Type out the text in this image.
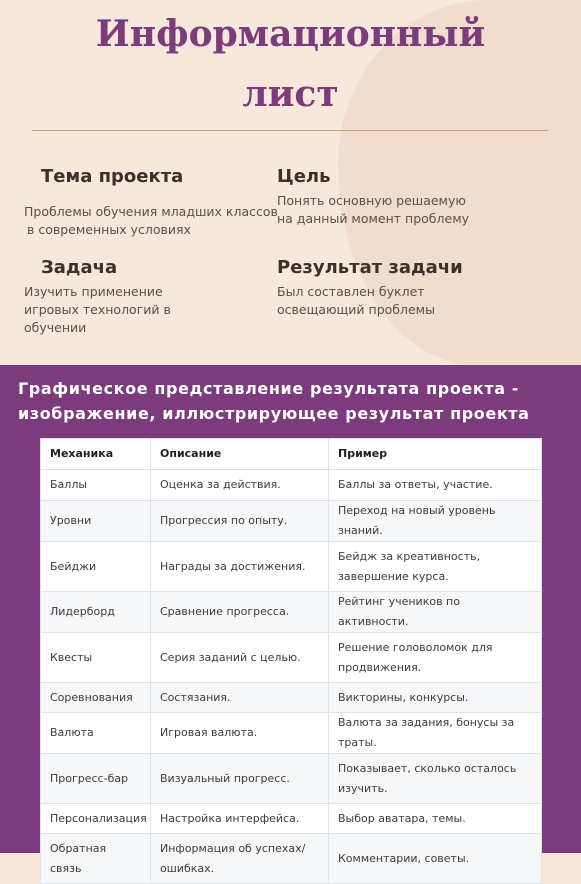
Информационный
лист
Тема проекта
Проблемы обучения младших классов
в современных условиях
Цель
Понять основную решаемую
на данный момент проблему
Задача
Изучить применение
игровых технологий в
обучении
Результат задачи
Был составлен буклет
освещающий проблемы
Графическое представление результата проекта -
изображение, иллюстрирующее результат проекта
Механика	Описание	Пример
Баллы	Оценка за действия.	Баллы за ответы, участие.
Уровни	Прогрессия по опыту.	Переход на новый уровень знаний.
Бейджи	Награды за достижения.	Бейдж за креативность, завершение курса.
Лидерборд	Сравнение прогресса.	Рейтинг учеников по активности.
Квесты	Серия заданий с целью.	Решение головоломок для продвижения.
Соревнования	Состязания.	Викторины, конкурсы.
Валюта	Игровая валюта.	Валюта за задания, бонусы за траты.
Прогресс-бар	Визуальный прогресс.	Показывает, сколько осталось изучить.
Персонализация	Настройка интерфейса.	Выбор аватара, темы.
Обратная связь	Информация об успехах/ ошибках.	Комментарии, советы.
